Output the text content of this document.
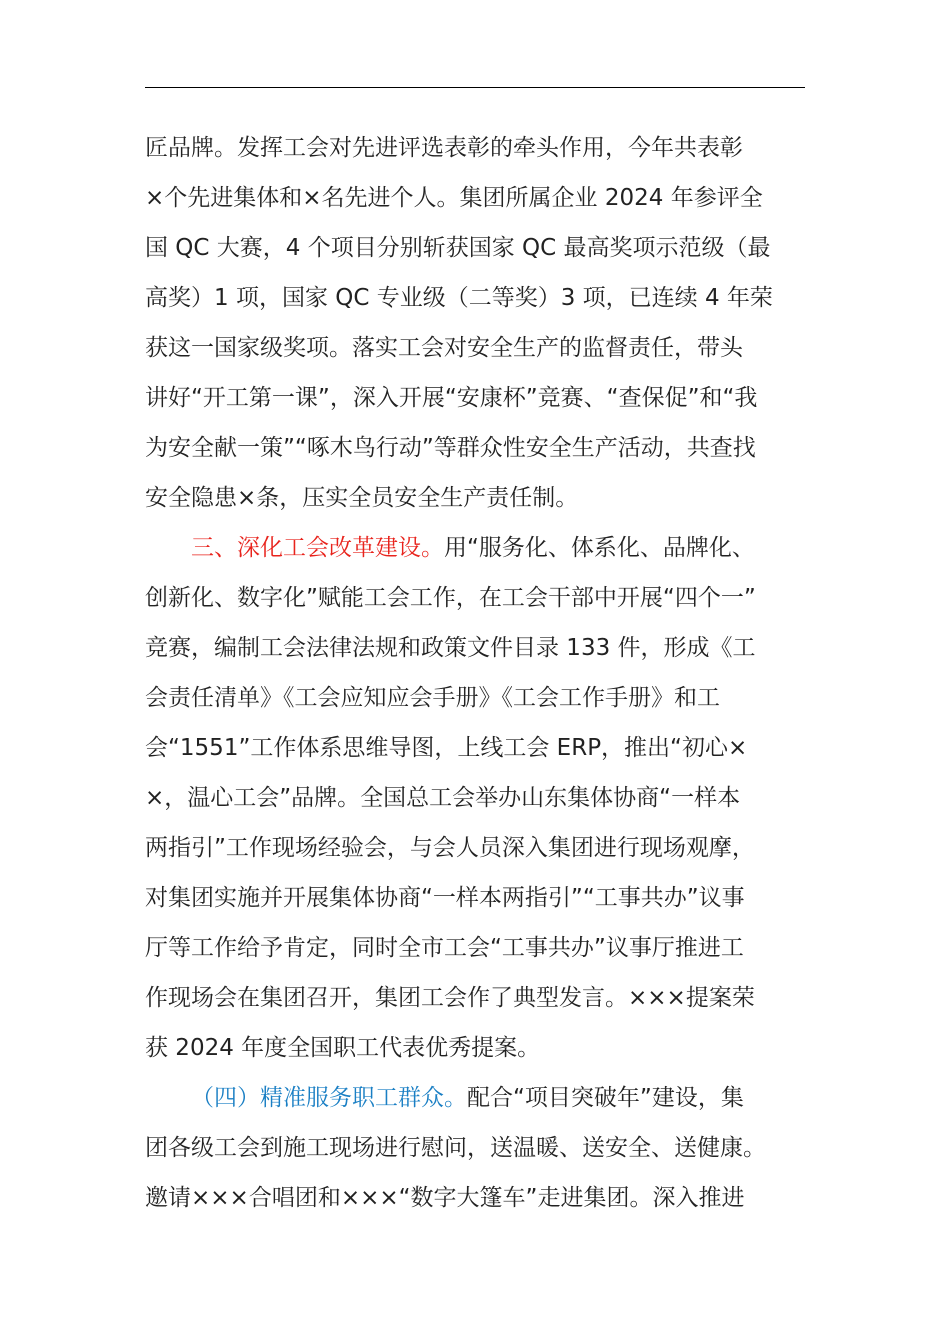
匠品牌。发挥工会对先进评选表彰的牵头作用，今年共表彰
×个先进集体和×名先进个人。集团所属企业 2024 年参评全
国 QC 大赛，4 个项目分别斩获国家 QC 最高奖项示范级（最
高奖）1 项，国家 QC 专业级（二等奖）3 项，已连续 4 年荣
获这一国家级奖项。落实工会对安全生产的监督责任，带头
讲好“开工第一课”，深入开展“安康杯”竞赛、“查保促”和“我
为安全献一策”“啄木鸟行动”等群众性安全生产活动，共查找
安全隐患×条，压实全员安全生产责任制。
三、深化工会改革建设。用“服务化、体系化、品牌化、
创新化、数字化”赋能工会工作，在工会干部中开展“四个一”
竞赛，编制工会法律法规和政策文件目录 133 件，形成《工
会责任清单》《工会应知应会手册》《工会工作手册》和工
会“1551”工作体系思维导图，上线工会 ERP，推出“初心×
×，温心工会”品牌。全国总工会举办山东集体协商“一样本
两指引”工作现场经验会，与会人员深入集团进行现场观摩，
对集团实施并开展集体协商“一样本两指引”“工事共办”议事
厅等工作给予肯定，同时全市工会“工事共办”议事厅推进工
作现场会在集团召开，集团工会作了典型发言。×××提案荣
获 2024 年度全国职工代表优秀提案。
（四）精准服务职工群众。配合“项目突破年”建设，集
团各级工会到施工现场进行慰问，送温暖、送安全、送健康。
邀请×××合唱团和×××“数字大篷车”走进集团。深入推进
